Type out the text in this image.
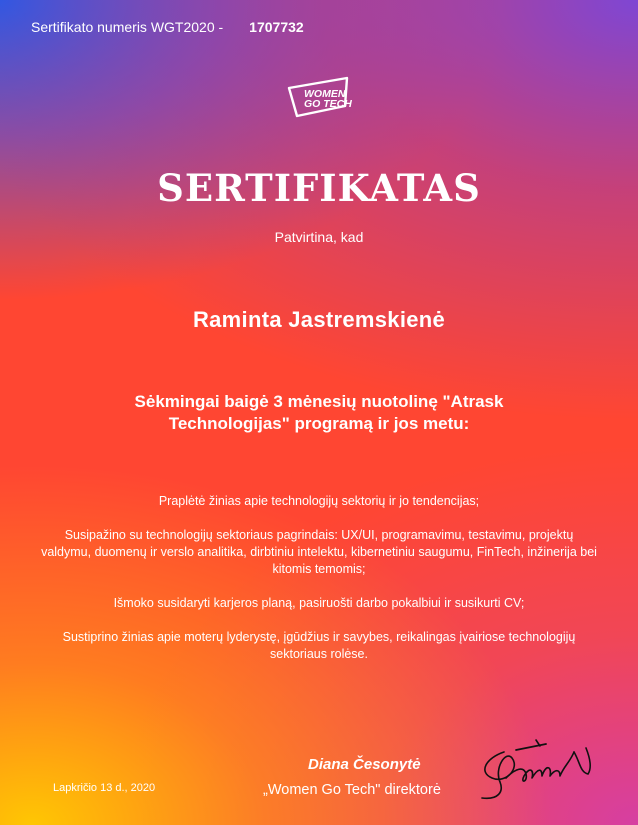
Sertifikato numeris WGT2020 - 1707732
WOMEN
GO TECH
SERTIFIKATAS
Patvirtina, kad
Raminta Jastremskienė
Sėkmingai baigė 3 mėnesių nuotolinę "Atrask Technologijas" programą ir jos metu:

Praplėtė žinias apie technologijų sektorių ir jo tendencijas;

Susipažino su technologijų sektoriaus pagrindais: UX/UI, programavimu, testavimu, projektų valdymu, duomenų ir verslo analitika, dirbtiniu intelektu, kibernetiniu saugumu, FinTech, inžinerija bei kitomis temomis;

Išmoko susidaryti karjeros planą, pasiruošti darbo pokalbiui ir susikurti CV;

Sustiprino žinias apie moterų lyderystę, įgūdžius ir savybes, reikalingas įvairiose technologijų sektoriaus rolėse.

Lapkričio 13 d., 2020
Diana Česonytė
„Women Go Tech" direktorė
